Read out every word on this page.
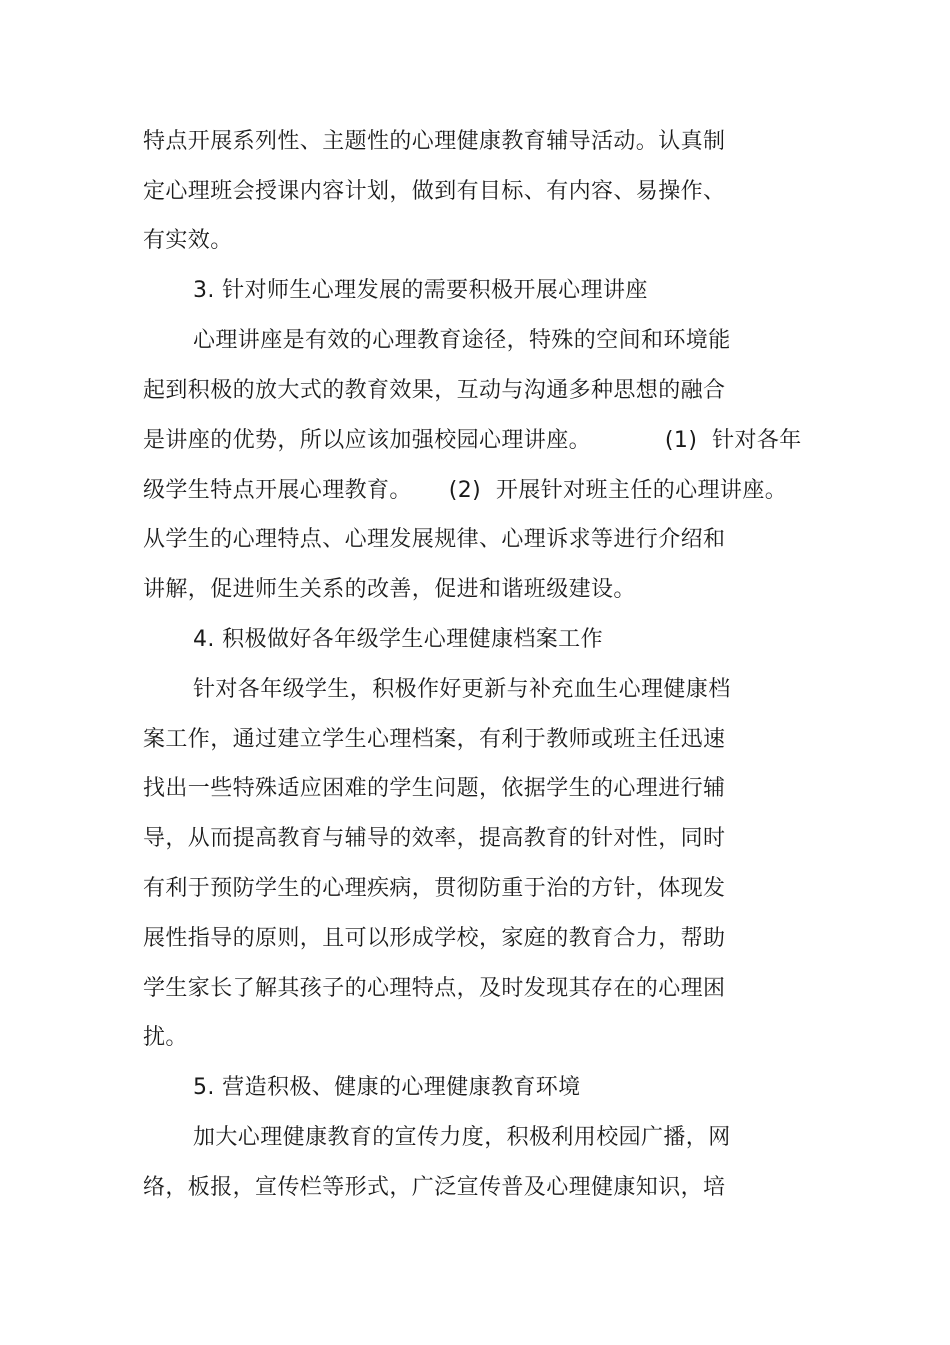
特点开展系列性、主题性的心理健康教育辅导活动。认真制
定心理班会授课内容计划，做到有目标、有内容、易操作、
有实效。
3. 针对师生心理发展的需要积极开展心理讲座
心理讲座是有效的心理教育途径，特殊的空间和环境能
起到积极的放大式的教育效果，互动与沟通多种思想的融合
是讲座的优势，所以应该加强校园心理讲座。          (1)  针对各年
级学生特点开展心理教育。     (2)  开展针对班主任的心理讲座。
从学生的心理特点、心理发展规律、心理诉求等进行介绍和
讲解，促进师生关系的改善，促进和谐班级建设。
4. 积极做好各年级学生心理健康档案工作
针对各年级学生，积极作好更新与补充血生心理健康档
案工作，通过建立学生心理档案，有利于教师或班主任迅速
找出一些特殊适应困难的学生问题，依据学生的心理进行辅
导，从而提高教育与辅导的效率，提高教育的针对性，同时
有利于预防学生的心理疾病，贯彻防重于治的方针，体现发
展性指导的原则，且可以形成学校，家庭的教育合力，帮助
学生家长了解其孩子的心理特点，及时发现其存在的心理困
扰。
5. 营造积极、健康的心理健康教育环境
加大心理健康教育的宣传力度，积极利用校园广播，网
络，板报，宣传栏等形式，广泛宣传普及心理健康知识，培
